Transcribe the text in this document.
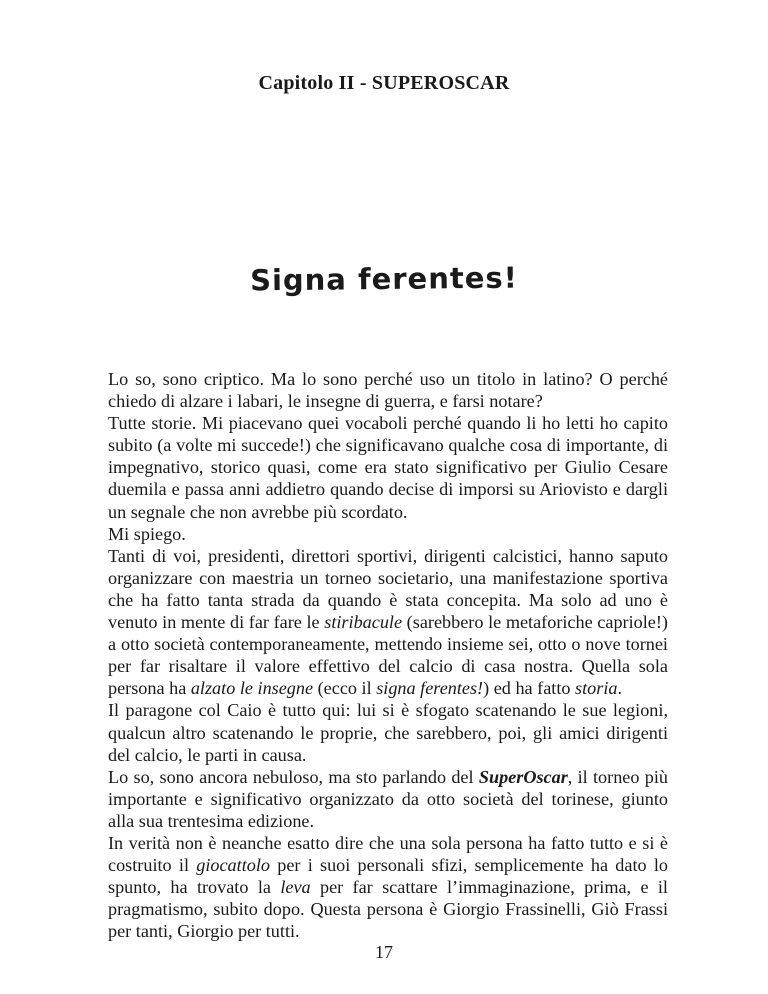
Capitolo II - SUPEROSCAR
Signa ferentes!

Lo so, sono criptico. Ma lo sono perché uso un titolo in latino? O perché chiedo di alzare i labari, le insegne di guerra, e farsi notare?

Tutte storie. Mi piacevano quei vocaboli perché quando li ho letti ho capito subito (a volte mi succede!) che significavano qualche cosa di importante, di impegnativo, storico quasi, come era stato significativo per Giulio Cesare duemila e passa anni addietro quando decise di imporsi su Ariovisto e dargli un segnale che non avrebbe più scordato.

Mi spiego.

Tanti di voi, presidenti, direttori sportivi, dirigenti calcistici, hanno saputo organizzare con maestria un torneo societario, una manifestazione sportiva che ha fatto tanta strada da quando è stata concepita. Ma solo ad uno è venuto in mente di far fare le stiribacule (sarebbero le metaforiche capriole!) a otto società contemporaneamente, mettendo insieme sei, otto o nove tornei per far risaltare il valore effettivo del calcio di casa nostra. Quella sola persona ha alzato le insegne (ecco il signa ferentes!) ed ha fatto storia.

Il paragone col Caio è tutto qui: lui si è sfogato scatenando le sue legioni, qualcun altro scatenando le proprie, che sarebbero, poi, gli amici dirigenti del calcio, le parti in causa.

Lo so, sono ancora nebuloso, ma sto parlando del SuperOscar, il torneo più importante e significativo organizzato da otto società del torinese, giunto alla sua trentesima edizione.

In verità non è neanche esatto dire che una sola persona ha fatto tutto e si è costruito il giocattolo per i suoi personali sfizi, semplicemente ha dato lo spunto, ha trovato la leva per far scattare l’immaginazione, prima, e il pragmatismo, subito dopo. Questa persona è Giorgio Frassinelli, Giò Frassi per tanti, Giorgio per tutti.

17
